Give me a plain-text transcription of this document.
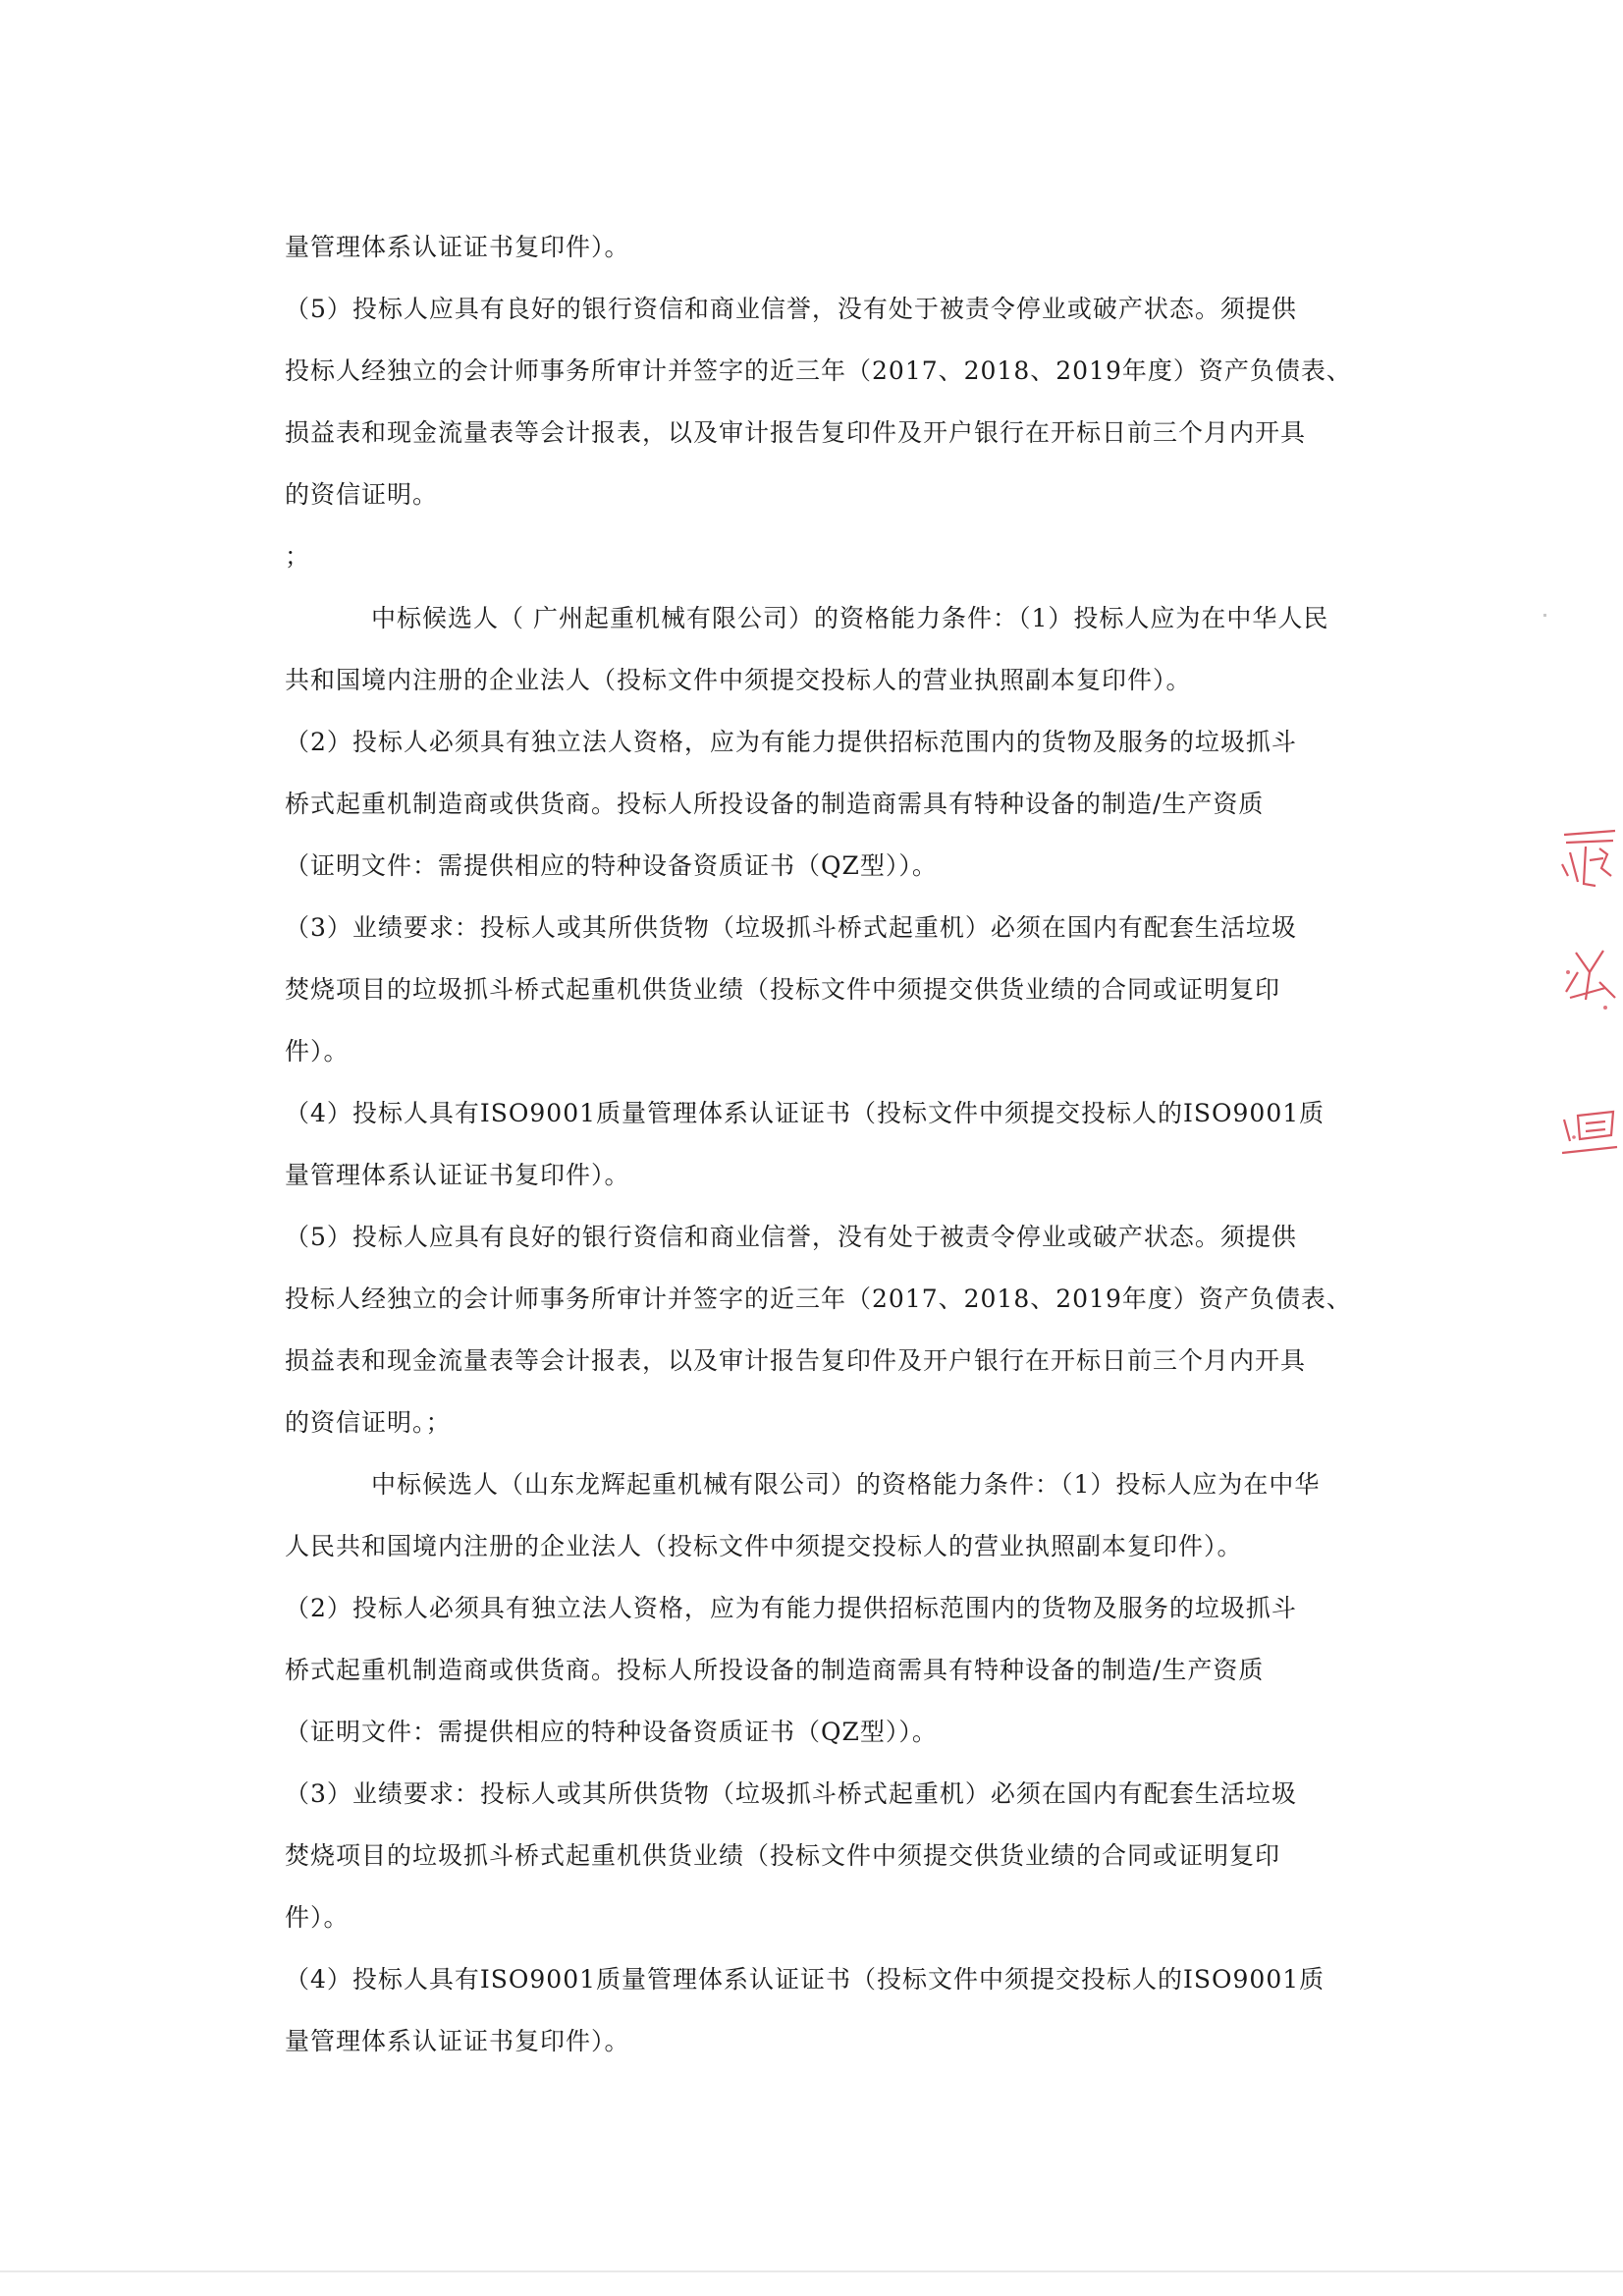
量管理体系认证证书复印件）。
（5）投标人应具有良好的银行资信和商业信誉，没有处于被责令停业或破产状态。须提供
投标人经独立的会计师事务所审计并签字的近三年（2017、2018、2019年度）资产负债表、
损益表和现金流量表等会计报表，以及审计报告复印件及开户银行在开标日前三个月内开具
的资信证明。
；
中标候选人（ 广州起重机械有限公司）的资格能力条件：（1）投标人应为在中华人民
共和国境内注册的企业法人（投标文件中须提交投标人的营业执照副本复印件）。
（2）投标人必须具有独立法人资格，应为有能力提供招标范围内的货物及服务的垃圾抓斗
桥式起重机制造商或供货商。投标人所投设备的制造商需具有特种设备的制造/生产资质
（证明文件：需提供相应的特种设备资质证书（QZ型））。
（3）业绩要求：投标人或其所供货物（垃圾抓斗桥式起重机）必须在国内有配套生活垃圾
焚烧项目的垃圾抓斗桥式起重机供货业绩（投标文件中须提交供货业绩的合同或证明复印
件）。
（4）投标人具有ISO9001质量管理体系认证证书（投标文件中须提交投标人的ISO9001质
量管理体系认证证书复印件）。
（5）投标人应具有良好的银行资信和商业信誉，没有处于被责令停业或破产状态。须提供
投标人经独立的会计师事务所审计并签字的近三年（2017、2018、2019年度）资产负债表、
损益表和现金流量表等会计报表，以及审计报告复印件及开户银行在开标日前三个月内开具
的资信证明。；
中标候选人（山东龙辉起重机械有限公司）的资格能力条件：（1）投标人应为在中华
人民共和国境内注册的企业法人（投标文件中须提交投标人的营业执照副本复印件）。
（2）投标人必须具有独立法人资格，应为有能力提供招标范围内的货物及服务的垃圾抓斗
桥式起重机制造商或供货商。投标人所投设备的制造商需具有特种设备的制造/生产资质
（证明文件：需提供相应的特种设备资质证书（QZ型））。
（3）业绩要求：投标人或其所供货物（垃圾抓斗桥式起重机）必须在国内有配套生活垃圾
焚烧项目的垃圾抓斗桥式起重机供货业绩（投标文件中须提交供货业绩的合同或证明复印
件）。
（4）投标人具有ISO9001质量管理体系认证证书（投标文件中须提交投标人的ISO9001质
量管理体系认证证书复印件）。
